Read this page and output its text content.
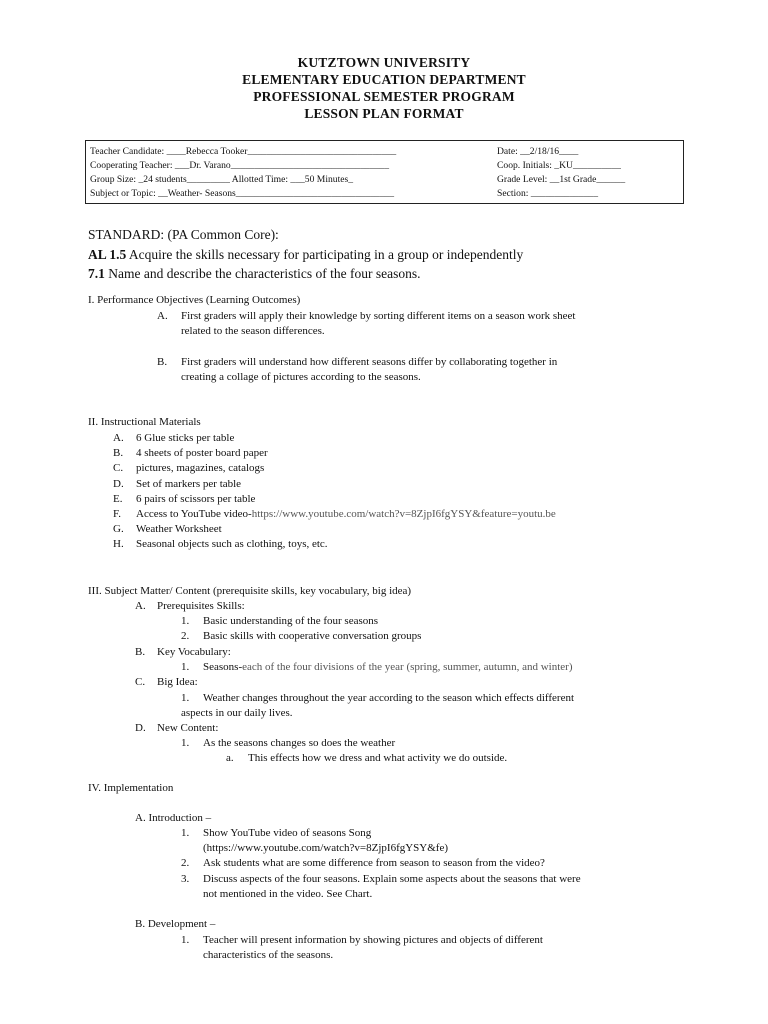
KUTZTOWN UNIVERSITY
ELEMENTARY EDUCATION DEPARTMENT
PROFESSIONAL SEMESTER PROGRAM
LESSON PLAN FORMAT
Teacher Candidate: ____Rebecca Tooker_______________________________
Cooperating Teacher: ___Dr. Varano_________________________________
Group Size: _24 students_________ Allotted Time: ___50 Minutes_
Subject or Topic: __Weather- Seasons_________________________________
Date: __2/18/16____
Coop. Initials: _KU__________
Grade Level: __1st Grade______
Section: ______________
STANDARD: (PA Common Core):
AL 1.5 Acquire the skills necessary for participating in a group or independently
7.1 Name and describe the characteristics of the four seasons.
I. Performance Objectives (Learning Outcomes)
A. First graders will apply their knowledge by sorting different items on a season work sheet
related to the season differences.
B. First graders will understand how different seasons differ by collaborating together in
creating a collage of pictures according to the seasons.
II. Instructional Materials
A. 6 Glue sticks per table
B. 4 sheets of poster board paper
C. pictures, magazines, catalogs
D. Set of markers per table
E. 6 pairs of scissors per table
F. Access to YouTube video-https://www.youtube.com/watch?v=8ZjpI6fgYSY&feature=youtu.be
G. Weather Worksheet
H. Seasonal objects such as clothing, toys, etc.
III. Subject Matter/ Content (prerequisite skills, key vocabulary, big idea)
A. Prerequisites Skills:
1. Basic understanding of the four seasons
2. Basic skills with cooperative conversation groups
B. Key Vocabulary:
1. Seasons-each of the four divisions of the year (spring, summer, autumn, and winter)
C. Big Idea:
1. Weather changes throughout the year according to the season which effects different
aspects in our daily lives.
D. New Content:
1. As the seasons changes so does the weather
a. This effects how we dress and what activity we do outside.
IV. Implementation
A. Introduction –
1. Show YouTube video of seasons Song
(https://www.youtube.com/watch?v=8ZjpI6fgYSY&fe)
2. Ask students what are some difference from season to season from the video?
3. Discuss aspects of the four seasons. Explain some aspects about the seasons that were
not mentioned in the video. See Chart.
B. Development –
1. Teacher will present information by showing pictures and objects of different
characteristics of the seasons.
